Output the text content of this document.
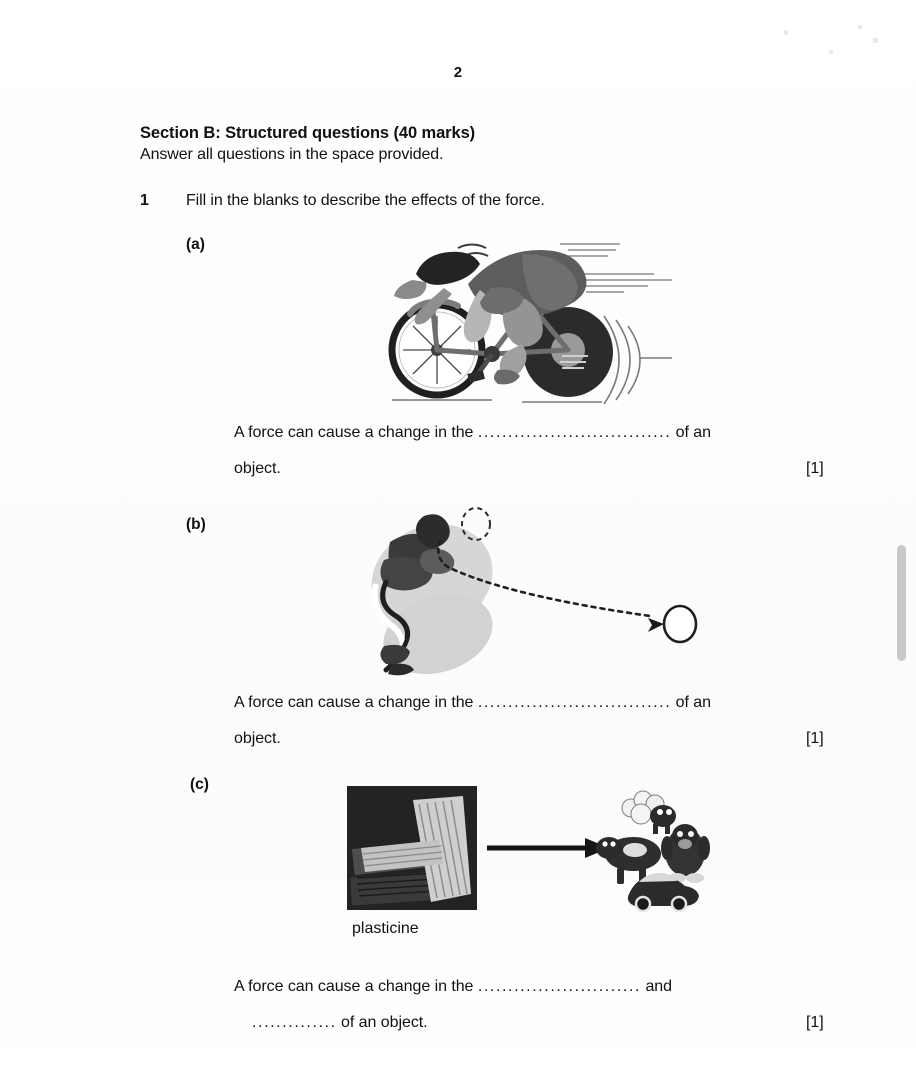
2
Section B: Structured questions (40 marks)
Answer all questions in the space provided.
1 Fill in the blanks to describe the effects of the force.
(a)
A force can cause a change in the ................................ of an
object.	[1]
(b)
A force can cause a change in the ................................ of an
object.	[1]
(c)
plasticine
A force can cause a change in the ........................... and
.............. of an object.	[1]
